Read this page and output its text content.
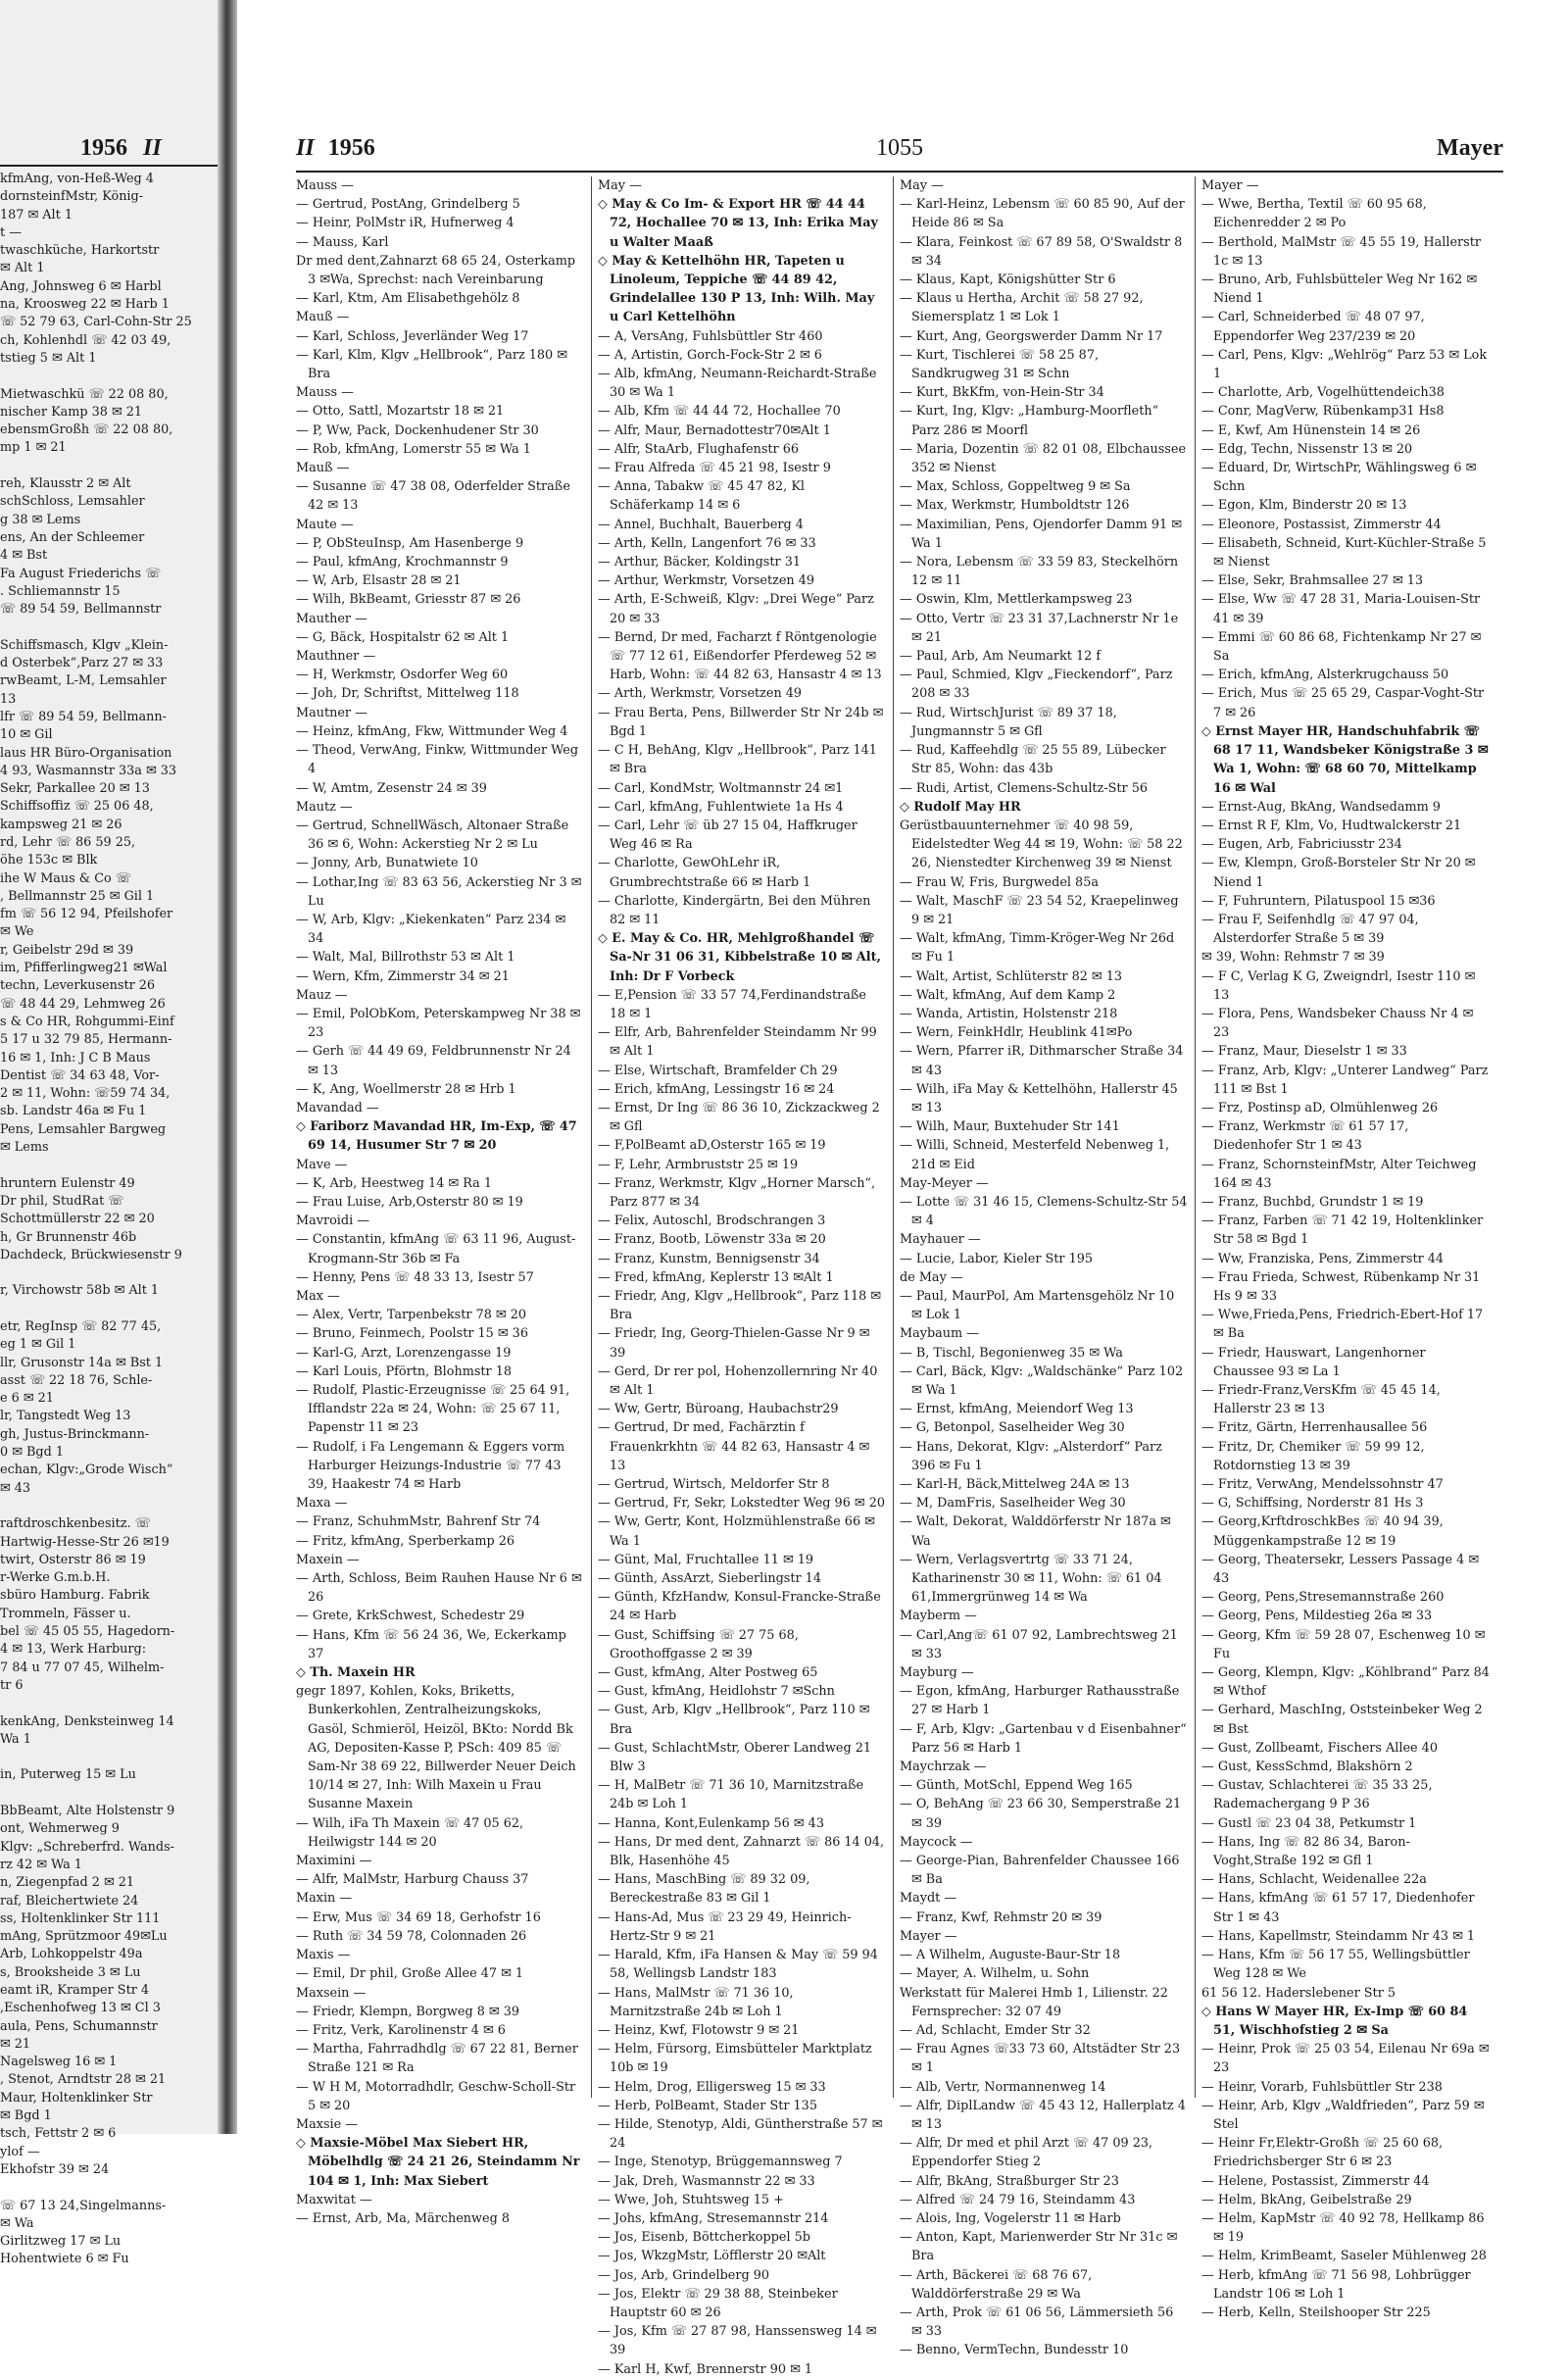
1956 II
kfmAng, von-Heß-Weg 4
dornsteinfMstr, König-
187 ✉ Alt 1
t —
twaschküche, Harkortstr
✉ Alt 1
Ang, Johnsweg 6 ✉ Harbl
na, Kroosweg 22 ✉ Harb 1
☏ 52 79 63, Carl-Cohn-Str 25
ch, Kohlenhdl ☏ 42 03 49,
tstieg 5 ✉ Alt 1

Mietwaschkü ☏ 22 08 80,
nischer Kamp 38 ✉ 21
ebensmGroßh ☏ 22 08 80,
mp 1 ✉ 21

reh, Klausstr 2 ✉ Alt
schSchloss, Lemsahler
g 38 ✉ Lems
ens, An der Schleemer
4 ✉ Bst
Fa August Friederichs ☏
. Schliemannstr 15
☏ 89 54 59, Bellmannstr

Schiffsmasch, Klgv „Klein-
d Osterbek“,Parz 27 ✉ 33
rwBeamt, L-M, Lemsahler
13
lfr ☏ 89 54 59, Bellmann-
10 ✉ Gil
laus HR Büro-Organisation
4 93, Wasmannstr 33a ✉ 33
Sekr, Parkallee 20 ✉ 13
Schiffsoffiz ☏ 25 06 48,
kampsweg 21 ✉ 26
rd, Lehr ☏ 86 59 25,
öhe 153c ✉ Blk
ihe W Maus & Co ☏
, Bellmannstr 25 ✉ Gil 1
fm ☏ 56 12 94, Pfeilshofer
✉ We
r, Geibelstr 29d ✉ 39
im, Pfifferlingweg21 ✉Wal
techn, Leverkusenstr 26
☏ 48 44 29, Lehmweg 26
s & Co HR, Rohgummi-Einf
5 17 u 32 79 85, Hermann-
16 ✉ 1, Inh: J C B Maus
Dentist ☏ 34 63 48, Vor-
2 ✉ 11, Wohn: ☏59 74 34,
sb. Landstr 46a ✉ Fu 1
Pens, Lemsahler Bargweg
✉ Lems

hruntern Eulenstr 49
Dr phil, StudRat ☏
Schottmüllerstr 22 ✉ 20
h, Gr Brunnenstr 46b
Dachdeck, Brückwiesenstr 9

r, Virchowstr 58b ✉ Alt 1

etr, RegInsp ☏ 82 77 45,
eg 1 ✉ Gil 1
llr, Grusonstr 14a ✉ Bst 1
asst ☏ 22 18 76, Schle-
e 6 ✉ 21
lr, Tangstedt Weg 13
gh, Justus-Brinckmann-
0 ✉ Bgd 1
echan, Klgv:„Grode Wisch“
✉ 43

raftdroschkenbesitz. ☏
Hartwig-Hesse-Str 26 ✉19
twirt, Osterstr 86 ✉ 19
r-Werke G.m.b.H.
sbüro Hamburg. Fabrik
Trommeln, Fässer u.
bel ☏ 45 05 55, Hagedorn-
4 ✉ 13, Werk Harburg:
7 84 u 77 07 45, Wilhelm-
tr 6

kenkAng, Denksteinweg 14
Wa 1

in, Puterweg 15 ✉ Lu

BbBeamt, Alte Holstenstr 9
ont, Wehmerweg 9
Klgv: „Schreberfrd. Wands-
rz 42 ✉ Wa 1
n, Ziegenpfad 2 ✉ 21
raf, Bleichertwiete 24
ss, Holtenklinker Str 111
mAng, Sprützmoor 49✉Lu
Arb, Lohkoppelstr 49a
s, Brooksheide 3 ✉ Lu
eamt iR, Kramper Str 4
,Eschenhofweg 13 ✉ Cl 3
aula, Pens, Schumannstr
✉ 21
Nagelsweg 16 ✉ 1
, Stenot, Arndtstr 28 ✉ 21
Maur, Holtenklinker Str
✉ Bgd 1
tsch, Fettstr 2 ✉ 6
ylof —
Ekhofstr 39 ✉ 24

☏ 67 13 24,Singelmanns-
✉ Wa
Girlitzweg 17 ✉ Lu
Hohentwiete 6 ✉ Fu
II 1956	1055	Mayer
Mauss —
— Gertrud, PostAng, Grindelberg 5
— Heinr, PolMstr iR, Hufnerweg 4
— Mauss, Karl
Dr med dent,Zahnarzt 68 65 24, Osterkamp 3 ✉Wa, Sprechst: nach Vereinbarung
— Karl, Ktm, Am Elisabethgehölz 8
Mauß —
— Karl, Schloss, Jeverländer Weg 17
— Karl, Klm, Klgv „Hellbrook“, Parz 180 ✉ Bra
Mauss —
— Otto, Sattl, Mozartstr 18 ✉ 21
— P, Ww, Pack, Dockenhudener Str 30
— Rob, kfmAng, Lomerstr 55 ✉ Wa 1
Mauß —
— Susanne ☏ 47 38 08, Oderfelder Straße 42 ✉ 13
Maute —
— P, ObSteuInsp, Am Hasenberge 9
— Paul, kfmAng, Krochmannstr 9
— W, Arb, Elsastr 28 ✉ 21
— Wilh, BkBeamt, Griesstr 87 ✉ 26
Mauther —
— G, Bäck, Hospitalstr 62 ✉ Alt 1
Mauthner —
— H, Werkmstr, Osdorfer Weg 60
— Joh, Dr, Schriftst, Mittelweg 118
Mautner —
— Heinz, kfmAng, Fkw, Wittmunder Weg 4
— Theod, VerwAng, Finkw, Wittmunder Weg 4
— W, Amtm, Zesenstr 24 ✉ 39
Mautz —
— Gertrud, SchnellWäsch, Altonaer Straße 36 ✉ 6, Wohn: Ackerstieg Nr 2 ✉ Lu
— Jonny, Arb, Bunatwiete 10
— Lothar,Ing ☏ 83 63 56, Ackerstieg Nr 3 ✉ Lu
— W, Arb, Klgv: „Kiekenkaten“ Parz 234 ✉ 34
— Walt, Mal, Billrothstr 53 ✉ Alt 1
— Wern, Kfm, Zimmerstr 34 ✉ 21
Mauz —
— Emil, PolObKom, Peterskampweg Nr 38 ✉ 23
— Gerh ☏ 44 49 69, Feldbrunnenstr Nr 24 ✉ 13
— K, Ang, Woellmerstr 28 ✉ Hrb 1
Mavandad —
◇ Fariborz Mavandad HR, Im-Exp, ☏ 47 69 14, Husumer Str 7 ✉ 20
Mave —
— K, Arb, Heestweg 14 ✉ Ra 1
— Frau Luise, Arb,Osterstr 80 ✉ 19
Mavroidi —
— Constantin, kfmAng ☏ 63 11 96, August-Krogmann-Str 36b ✉ Fa
— Henny, Pens ☏ 48 33 13, Isestr 57
Max —
— Alex, Vertr, Tarpenbekstr 78 ✉ 20
— Bruno, Feinmech, Poolstr 15 ✉ 36
— Karl-G, Arzt, Lorenzengasse 19
— Karl Louis, Pförtn, Blohmstr 18
— Rudolf, Plastic-Erzeugnisse ☏ 25 64 91, Ifflandstr 22a ✉ 24, Wohn: ☏ 25 67 11, Papenstr 11 ✉ 23
— Rudolf, i Fa Lengemann & Eggers vorm Harburger Heizungs-Industrie ☏ 77 43 39, Haakestr 74 ✉ Harb
Maxa —
— Franz, SchuhmMstr, Bahrenf Str 74
— Fritz, kfmAng, Sperberkamp 26
Maxein —
— Arth, Schloss, Beim Rauhen Hause Nr 6 ✉ 26
— Grete, KrkSchwest, Schedestr 29
— Hans, Kfm ☏ 56 24 36, We, Eckerkamp 37
◇ Th. Maxein HR
gegr 1897, Kohlen, Koks, Briketts, Bunkerkohlen, Zentralheizungskoks, Gasöl, Schmieröl, Heizöl, BKto: Nordd Bk AG, Depositen-Kasse P, PSch: 409 85 ☏ Sam-Nr 38 69 22, Billwerder Neuer Deich 10/14 ✉ 27, Inh: Wilh Maxein u Frau Susanne Maxein
— Wilh, iFa Th Maxein ☏ 47 05 62, Heilwigstr 144 ✉ 20
Maximini —
— Alfr, MalMstr, Harburg Chauss 37
Maxin —
— Erw, Mus ☏ 34 69 18, Gerhofstr 16
— Ruth ☏ 34 59 78, Colonnaden 26
Maxis —
— Emil, Dr phil, Große Allee 47 ✉ 1
Maxsein —
— Friedr, Klempn, Borgweg 8 ✉ 39
— Fritz, Verk, Karolinenstr 4 ✉ 6
— Martha, Fahrradhdlg ☏ 67 22 81, Berner Straße 121 ✉ Ra
— W H M, Motorradhdlr, Geschw-Scholl-Str 5 ✉ 20
Maxsie —
◇ Maxsie-Möbel Max Siebert HR, Möbelhdlg ☏ 24 21 26, Steindamm Nr 104 ✉ 1, Inh: Max Siebert
Maxwitat —
— Ernst, Arb, Ma, Märchenweg 8
May —
◇ May & Co Im- & Export HR ☏ 44 44 72, Hochallee 70 ✉ 13, Inh: Erika May u Walter Maaß
◇ May & Kettelhöhn HR, Tapeten u Linoleum, Teppiche ☏ 44 89 42, Grindelallee 130 P 13, Inh: Wilh. May u Carl Kettelhöhn
— A, VersAng, Fuhlsbüttler Str 460
— A, Artistin, Gorch-Fock-Str 2 ✉ 6
— Alb, kfmAng, Neumann-Reichardt-Straße 30 ✉ Wa 1
— Alb, Kfm ☏ 44 44 72, Hochallee 70
— Alfr, Maur, Bernadottestr70✉Alt 1
— Alfr, StaArb, Flughafenstr 66
— Frau Alfreda ☏ 45 21 98, Isestr 9
— Anna, Tabakw ☏ 45 47 82, Kl Schäferkamp 14 ✉ 6
— Annel, Buchhalt, Bauerberg 4
— Arth, Kelln, Langenfort 76 ✉ 33
— Arthur, Bäcker, Koldingstr 31
— Arthur, Werkmstr, Vorsetzen 49
— Arth, E-Schweiß, Klgv: „Drei Wege“ Parz 20 ✉ 33
— Bernd, Dr med, Facharzt f Röntgenologie ☏ 77 12 61, Eißendorfer Pferdeweg 52 ✉ Harb, Wohn: ☏ 44 82 63, Hansastr 4 ✉ 13
— Arth, Werkmstr, Vorsetzen 49
— Frau Berta, Pens, Billwerder Str Nr 24b ✉ Bgd 1
— C H, BehAng, Klgv „Hellbrook“, Parz 141 ✉ Bra
— Carl, KondMstr, Woltmannstr 24 ✉1
— Carl, kfmAng, Fuhlentwiete 1a Hs 4
— Carl, Lehr ☏ üb 27 15 04, Haffkruger Weg 46 ✉ Ra
— Charlotte, GewOhLehr iR, Grumbrechtstraße 66 ✉ Harb 1
— Charlotte, Kindergärtn, Bei den Mühren 82 ✉ 11
◇ E. May & Co. HR, Mehlgroßhandel ☏ Sa-Nr 31 06 31, Kibbelstraße 10 ✉ Alt, Inh: Dr F Vorbeck
— E,Pension ☏ 33 57 74,Ferdinandstraße 18 ✉ 1
— Elfr, Arb, Bahrenfelder Steindamm Nr 99 ✉ Alt 1
— Else, Wirtschaft, Bramfelder Ch 29
— Erich, kfmAng, Lessingstr 16 ✉ 24
— Ernst, Dr Ing ☏ 86 36 10, Zickzackweg 2 ✉ Gfl
— F,PolBeamt aD,Osterstr 165 ✉ 19
— F, Lehr, Armbruststr 25 ✉ 19
— Franz, Werkmstr, Klgv „Horner Marsch“, Parz 877 ✉ 34
— Felix, Autoschl, Brodschrangen 3
— Franz, Bootb, Löwenstr 33a ✉ 20
— Franz, Kunstm, Bennigsenstr 34
— Fred, kfmAng, Keplerstr 13 ✉Alt 1
— Friedr, Ang, Klgv „Hellbrook“, Parz 118 ✉ Bra
— Friedr, Ing, Georg-Thielen-Gasse Nr 9 ✉ 39
— Gerd, Dr rer pol, Hohenzollernring Nr 40 ✉ Alt 1
— Ww, Gertr, Büroang, Haubachstr29
— Gertrud, Dr med, Fachärztin f Frauenkrkhtn ☏ 44 82 63, Hansastr 4 ✉ 13
— Gertrud, Wirtsch, Meldorfer Str 8
— Gertrud, Fr, Sekr, Lokstedter Weg 96 ✉ 20
— Ww, Gertr, Kont, Holzmühlenstraße 66 ✉ Wa 1
— Günt, Mal, Fruchtallee 11 ✉ 19
— Günth, AssArzt, Sieberlingstr 14
— Günth, KfzHandw, Konsul-Francke-Straße 24 ✉ Harb
— Gust, Schiffsing ☏ 27 75 68, Groothoffgasse 2 ✉ 39
— Gust, kfmAng, Alter Postweg 65
— Gust, kfmAng, Heidlohstr 7 ✉Schn
— Gust, Arb, Klgv „Hellbrook“, Parz 110 ✉ Bra
— Gust, SchlachtMstr, Oberer Landweg 21 Blw 3
— H, MalBetr ☏ 71 36 10, Marnitzstraße 24b ✉ Loh 1
— Hanna, Kont,Eulenkamp 56 ✉ 43
— Hans, Dr med dent, Zahnarzt ☏ 86 14 04, Blk, Hasenhöhe 45
— Hans, MaschBing ☏ 89 32 09, Bereckestraße 83 ✉ Gil 1
— Hans-Ad, Mus ☏ 23 29 49, Heinrich-Hertz-Str 9 ✉ 21
— Harald, Kfm, iFa Hansen & May ☏ 59 94 58, Wellingsb Landstr 183
— Hans, MalMstr ☏ 71 36 10, Marnitzstraße 24b ✉ Loh 1
— Heinz, Kwf, Flotowstr 9 ✉ 21
— Helm, Fürsorg, Eimsbütteler Marktplatz 10b ✉ 19
— Helm, Drog, Elligersweg 15 ✉ 33
— Herb, PolBeamt, Stader Str 135
— Hilde, Stenotyp, Aldi, Güntherstraße 57 ✉ 24
— Inge, Stenotyp, Brüggemannsweg 7
— Jak, Dreh, Wasmannstr 22 ✉ 33
— Wwe, Joh, Stuhtsweg 15 +
— Johs, kfmAng, Stresemannstr 214
— Jos, Eisenb, Böttcherkoppel 5b
— Jos, WkzgMstr, Löfflerstr 20 ✉Alt
— Jos, Arb, Grindelberg 90
— Jos, Elektr ☏ 29 38 88, Steinbeker Hauptstr 60 ✉ 26
— Jos, Kfm ☏ 27 87 98, Hanssensweg 14 ✉ 39
— Karl H, Kwf, Brennerstr 90 ✉ 1
May —
— Karl-Heinz, Lebensm ☏ 60 85 90, Auf der Heide 86 ✉ Sa
— Klara, Feinkost ☏ 67 89 58, O'Swaldstr 8 ✉ 34
— Klaus, Kapt, Königshütter Str 6
— Klaus u Hertha, Archit ☏ 58 27 92, Siemersplatz 1 ✉ Lok 1
— Kurt, Ang, Georgswerder Damm Nr 17
— Kurt, Tischlerei ☏ 58 25 87, Sandkrugweg 31 ✉ Schn
— Kurt, BkKfm, von-Hein-Str 34
— Kurt, Ing, Klgv: „Hamburg-Moorfleth“ Parz 286 ✉ Moorfl
— Maria, Dozentin ☏ 82 01 08, Elbchaussee 352 ✉ Nienst
— Max, Schloss, Goppeltweg 9 ✉ Sa
— Max, Werkmstr, Humboldtstr 126
— Maximilian, Pens, Ojendorfer Damm 91 ✉ Wa 1
— Nora, Lebensm ☏ 33 59 83, Steckelhörn 12 ✉ 11
— Oswin, Klm, Mettlerkampsweg 23
— Otto, Vertr ☏ 23 31 37,Lachnerstr Nr 1e ✉ 21
— Paul, Arb, Am Neumarkt 12 f
— Paul, Schmied, Klgv „Fieckendorf“, Parz 208 ✉ 33
— Rud, WirtschJurist ☏ 89 37 18, Jungmannstr 5 ✉ Gfl
— Rud, Kaffeehdlg ☏ 25 55 89, Lübecker Str 85, Wohn: das 43b
— Rudi, Artist, Clemens-Schultz-Str 56
◇ Rudolf May HR
Gerüstbauunternehmer ☏ 40 98 59, Eidelstedter Weg 44 ✉ 19, Wohn: ☏ 58 22 26, Nienstedter Kirchenweg 39 ✉ Nienst
— Frau W, Fris, Burgwedel 85a
— Walt, MaschF ☏ 23 54 52, Kraepelinweg 9 ✉ 21
— Walt, kfmAng, Timm-Kröger-Weg Nr 26d ✉ Fu 1
— Walt, Artist, Schlüterstr 82 ✉ 13
— Walt, kfmAng, Auf dem Kamp 2
— Wanda, Artistin, Holstenstr 218
— Wern, FeinkHdlr, Heublink 41✉Po
— Wern, Pfarrer iR, Dithmarscher Straße 34 ✉ 43
— Wilh, iFa May & Kettelhöhn, Hallerstr 45 ✉ 13
— Wilh, Maur, Buxtehuder Str 141
— Willi, Schneid, Mesterfeld Nebenweg 1, 21d ✉ Eid
May-Meyer —
— Lotte ☏ 31 46 15, Clemens-Schultz-Str 54 ✉ 4
Mayhauer —
— Lucie, Labor, Kieler Str 195
de May —
— Paul, MaurPol, Am Martensgehölz Nr 10 ✉ Lok 1
Maybaum —
— B, Tischl, Begonienweg 35 ✉ Wa
— Carl, Bäck, Klgv: „Waldschänke“ Parz 102 ✉ Wa 1
— Ernst, kfmAng, Meiendorf Weg 13
— G, Betonpol, Saselheider Weg 30
— Hans, Dekorat, Klgv: „Alsterdorf“ Parz 396 ✉ Fu 1
— Karl-H, Bäck,Mittelweg 24A ✉ 13
— M, DamFris, Saselheider Weg 30
— Walt, Dekorat, Walddörferstr Nr 187a ✉ Wa
— Wern, Verlagsvertrtg ☏ 33 71 24, Katharinenstr 30 ✉ 11, Wohn: ☏ 61 04 61,Immergrünweg 14 ✉ Wa
Mayberm —
— Carl,Ang☏ 61 07 92, Lambrechtsweg 21 ✉ 33
Mayburg —
— Egon, kfmAng, Harburger Rathausstraße 27 ✉ Harb 1
— F, Arb, Klgv: „Gartenbau v d Eisenbahner“ Parz 56 ✉ Harb 1
Maychrzak —
— Günth, MotSchl, Eppend Weg 165
— O, BehAng ☏ 23 66 30, Semperstraße 21 ✉ 39
Maycock —
— George-Pian, Bahrenfelder Chaussee 166 ✉ Ba
Maydt —
— Franz, Kwf, Rehmstr 20 ✉ 39
Mayer —
— A Wilhelm, Auguste-Baur-Str 18
— Mayer, A. Wilhelm, u. Sohn
Werkstatt für Malerei Hmb 1, Lilienstr. 22 Fernsprecher: 32 07 49
— Ad, Schlacht, Emder Str 32
— Frau Agnes ☏33 73 60, Altstädter Str 23 ✉ 1
— Alb, Vertr, Normannenweg 14
— Alfr, DiplLandw ☏ 45 43 12, Hallerplatz 4 ✉ 13
— Alfr, Dr med et phil Arzt ☏ 47 09 23, Eppendorfer Stieg 2
— Alfr, BkAng, Straßburger Str 23
— Alfred ☏ 24 79 16, Steindamm 43
— Alois, Ing, Vogelerstr 11 ✉ Harb
— Anton, Kapt, Marienwerder Str Nr 31c ✉ Bra
— Arth, Bäckerei ☏ 68 76 67, Walddörferstraße 29 ✉ Wa
— Arth, Prok ☏ 61 06 56, Lämmersieth 56 ✉ 33
— Benno, VermTechn, Bundesstr 10
Mayer —
— Wwe, Bertha, Textil ☏ 60 95 68, Eichenredder 2 ✉ Po
— Berthold, MalMstr ☏ 45 55 19, Hallerstr 1c ✉ 13
— Bruno, Arb, Fuhlsbütteler Weg Nr 162 ✉ Niend 1
— Carl, Schneiderbed ☏ 48 07 97, Eppendorfer Weg 237/239 ✉ 20
— Carl, Pens, Klgv: „Wehlrög“ Parz 53 ✉ Lok 1
— Charlotte, Arb, Vogelhüttendeich38
— Conr, MagVerw, Rübenkamp31 Hs8
— E, Kwf, Am Hünenstein 14 ✉ 26
— Edg, Techn, Nissenstr 13 ✉ 20
— Eduard, Dr, WirtschPr, Wählingsweg 6 ✉ Schn
— Egon, Klm, Binderstr 20 ✉ 13
— Eleonore, Postassist, Zimmerstr 44
— Elisabeth, Schneid, Kurt-Küchler-Straße 5 ✉ Nienst
— Else, Sekr, Brahmsallee 27 ✉ 13
— Else, Ww ☏ 47 28 31, Maria-Louisen-Str 41 ✉ 39
— Emmi ☏ 60 86 68, Fichtenkamp Nr 27 ✉ Sa
— Erich, kfmAng, Alsterkrugchauss 50
— Erich, Mus ☏ 25 65 29, Caspar-Voght-Str 7 ✉ 26
◇ Ernst Mayer HR, Handschuhfabrik ☏ 68 17 11, Wandsbeker Königstraße 3 ✉ Wa 1, Wohn: ☏ 68 60 70, Mittelkamp 16 ✉ Wal
— Ernst-Aug, BkAng, Wandsedamm 9
— Ernst R F, Klm, Vo, Hudtwalckerstr 21
— Eugen, Arb, Fabriciusstr 234
— Ew, Klempn, Groß-Borsteler Str Nr 20 ✉ Niend 1
— F, Fuhruntern, Pilatuspool 15 ✉36
— Frau F, Seifenhdlg ☏ 47 97 04, Alsterdorfer Straße 5 ✉ 39
✉ 39, Wohn: Rehmstr 7 ✉ 39
— F C, Verlag K G, Zweigndrl, Isestr 110 ✉ 13
— Flora, Pens, Wandsbeker Chauss Nr 4 ✉ 23
— Franz, Maur, Dieselstr 1 ✉ 33
— Franz, Arb, Klgv: „Unterer Landweg“ Parz 111 ✉ Bst 1
— Frz, Postinsp aD, Olmühlenweg 26
— Franz, Werkmstr ☏ 61 57 17, Diedenhofer Str 1 ✉ 43
— Franz, SchornsteinfMstr, Alter Teichweg 164 ✉ 43
— Franz, Buchbd, Grundstr 1 ✉ 19
— Franz, Farben ☏ 71 42 19, Holtenklinker Str 58 ✉ Bgd 1
— Ww, Franziska, Pens, Zimmerstr 44
— Frau Frieda, Schwest, Rübenkamp Nr 31 Hs 9 ✉ 33
— Wwe,Frieda,Pens, Friedrich-Ebert-Hof 17 ✉ Ba
— Friedr, Hauswart, Langenhorner Chaussee 93 ✉ La 1
— Friedr-Franz,VersKfm ☏ 45 45 14, Hallerstr 23 ✉ 13
— Fritz, Gärtn, Herrenhausallee 56
— Fritz, Dr, Chemiker ☏ 59 99 12, Rotdornstieg 13 ✉ 39
— Fritz, VerwAng, Mendelssohnstr 47
— G, Schiffsing, Norderstr 81 Hs 3
— Georg,KrftdroschkBes ☏ 40 94 39, Müggenkampstraße 12 ✉ 19
— Georg, Theatersekr, Lessers Passage 4 ✉ 43
— Georg, Pens,Stresemannstraße 260
— Georg, Pens, Mildestieg 26a ✉ 33
— Georg, Kfm ☏ 59 28 07, Eschenweg 10 ✉ Fu
— Georg, Klempn, Klgv: „Köhlbrand“ Parz 84 ✉ Wthof
— Gerhard, MaschIng, Oststeinbeker Weg 2 ✉ Bst
— Gust, Zollbeamt, Fischers Allee 40
— Gust, KessSchmd, Blakshörn 2
— Gustav, Schlachterei ☏ 35 33 25, Rademachergang 9 P 36
— Gustl ☏ 23 04 38, Petkumstr 1
— Hans, Ing ☏ 82 86 34, Baron-Voght,Straße 192 ✉ Gfl 1
— Hans, Schlacht, Weidenallee 22a
— Hans, kfmAng ☏ 61 57 17, Diedenhofer Str 1 ✉ 43
— Hans, Kapellmstr, Steindamm Nr 43 ✉ 1
— Hans, Kfm ☏ 56 17 55, Wellingsbüttler Weg 128 ✉ We
61 56 12. Haderslebener Str 5
◇ Hans W Mayer HR, Ex-Imp ☏ 60 84 51, Wischhofstieg 2 ✉ Sa
— Heinr, Prok ☏ 25 03 54, Eilenau Nr 69a ✉ 23
— Heinr, Vorarb, Fuhlsbüttler Str 238
— Heinr, Arb, Klgv „Waldfrieden“, Parz 59 ✉ Stel
— Heinr Fr,Elektr-Großh ☏ 25 60 68, Friedrichsberger Str 6 ✉ 23
— Helene, Postassist, Zimmerstr 44
— Helm, BkAng, Geibelstraße 29
— Helm, KapMstr ☏ 40 92 78, Hellkamp 86 ✉ 19
— Helm, KrimBeamt, Saseler Mühlenweg 28
— Herb, kfmAng ☏ 71 56 98, Lohbrügger Landstr 106 ✉ Loh 1
— Herb, Kelln, Steilshooper Str 225
